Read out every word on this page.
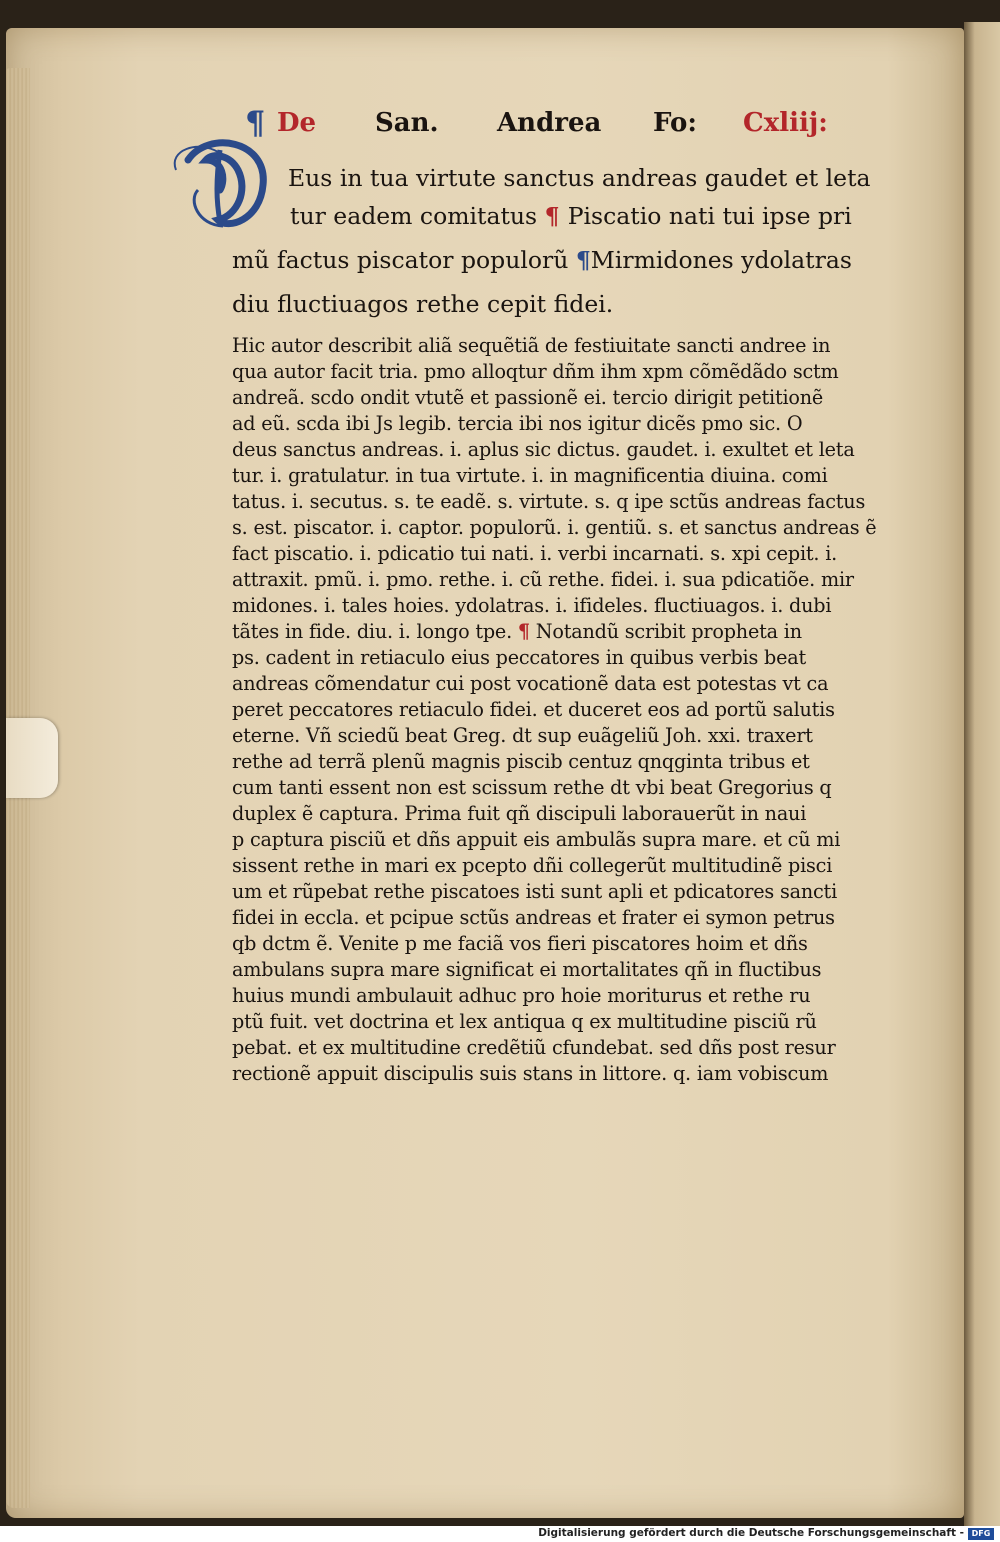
¶ De San. Andrea Fo: Cxliij:
Eus in tua virtute sanctus andreas gaudet et leta
tur eadem comitatus ¶ Piscatio nati tui ipse pri
mũ factus piscator populorũ ¶Mirmidones ydolatras
diu fluctiuagos rethe cepit fidei.
Hic autor describit aliã sequẽtiã de festiuitate sancti andree in
qua autor facit tria. pmo alloqtur dñm ihm xpm cõmẽdãdo sctm
andreã. scdo ondit vtutẽ et passionẽ ei. tercio dirigit petitionẽ
ad eũ. scda ibi Js legib. tercia ibi nos igitur dicẽs pmo sic. O
deus sanctus andreas. i. aplus sic dictus. gaudet. i. exultet et leta
tur. i. gratulatur. in tua virtute. i. in magnificentia diuina. comi
tatus. i. secutus. s. te eadẽ. s. virtute. s. q ipe sctũs andreas factus
s. est. piscator. i. captor. populorũ. i. gentiũ. s. et sanctus andreas ẽ
fact piscatio. i. pdicatio tui nati. i. verbi incarnati. s. xpi cepit. i.
attraxit. pmũ. i. pmo. rethe. i. cũ rethe. fidei. i. sua pdicatiõe. mir
midones. i. tales hoies. ydolatras. i. ifideles. fluctiuagos. i. dubi
tãtes in fide. diu. i. longo tpe. ¶ Notandũ scribit propheta in
ps. cadent in retiaculo eius peccatores in quibus verbis beat
andreas cõmendatur cui post vocationẽ data est potestas vt ca
peret peccatores retiaculo fidei. et duceret eos ad portũ salutis
eterne. Vñ sciedũ beat Greg. dt sup euãgeliũ Joh. xxi. traxert
rethe ad terrã plenũ magnis piscib centuz qnqginta tribus et
cum tanti essent non est scissum rethe dt vbi beat Gregorius q
duplex ẽ captura. Prima fuit qñ discipuli laborauerũt in naui
p captura pisciũ et dñs appuit eis ambulãs supra mare. et cũ mi
sissent rethe in mari ex pcepto dñi collegerũt multitudinẽ pisci
um et rũpebat rethe piscatoes isti sunt apli et pdicatores sancti
fidei in eccla. et pcipue sctũs andreas et frater ei symon petrus
qb dctm ẽ. Venite p me faciã vos fieri piscatores hoim et dñs
ambulans supra mare significat ei mortalitates qñ in fluctibus
huius mundi ambulauit adhuc pro hoie moriturus et rethe ru
ptũ fuit. vet doctrina et lex antiqua q ex multitudine pisciũ rũ
pebat. et ex multitudine credẽtiũ cfundebat. sed dñs post resur
rectionẽ appuit discipulis suis stans in littore. q. iam vobiscum
Digitalisierung gefördert durch die Deutsche Forschungsgemeinschaft - DFG
